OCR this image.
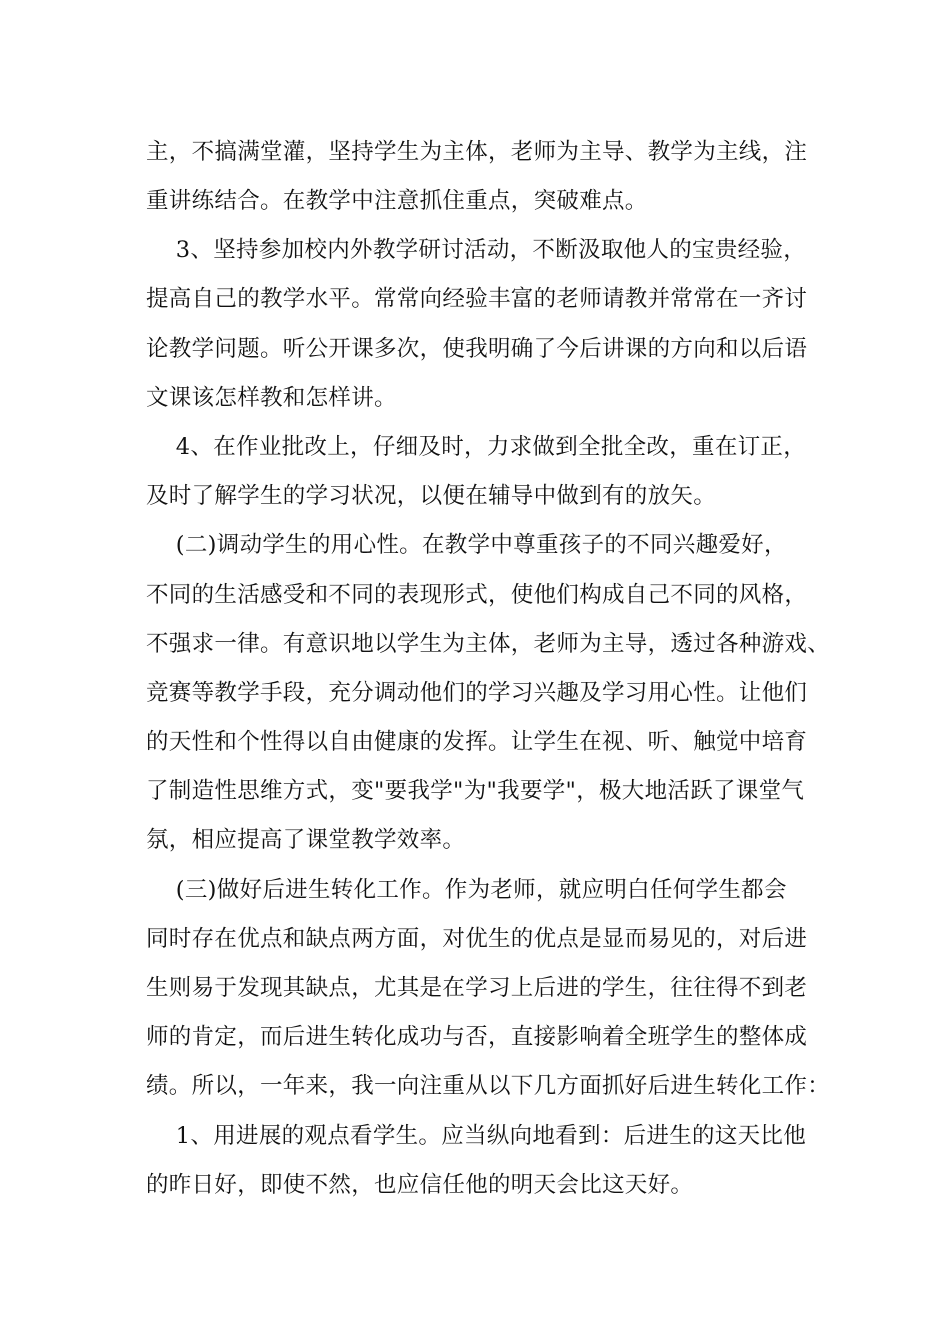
主，不搞满堂灌，坚持学生为主体，老师为主导、教学为主线，注
重讲练结合。在教学中注意抓住重点，突破难点。
3、坚持参加校内外教学研讨活动，不断汲取他人的宝贵经验，
提高自己的教学水平。常常向经验丰富的老师请教并常常在一齐讨
论教学问题。听公开课多次，使我明确了今后讲课的方向和以后语
文课该怎样教和怎样讲。
4、在作业批改上，仔细及时，力求做到全批全改，重在订正，
及时了解学生的学习状况，以便在辅导中做到有的放矢。
(二)调动学生的用心性。在教学中尊重孩子的不同兴趣爱好，
不同的生活感受和不同的表现形式，使他们构成自己不同的风格，
不强求一律。有意识地以学生为主体，老师为主导，透过各种游戏、
竞赛等教学手段，充分调动他们的学习兴趣及学习用心性。让他们
的天性和个性得以自由健康的发挥。让学生在视、听、触觉中培育
了制造性思维方式，变"要我学"为"我要学"，极大地活跃了课堂气
氛，相应提高了课堂教学效率。
(三)做好后进生转化工作。作为老师，就应明白任何学生都会
同时存在优点和缺点两方面，对优生的优点是显而易见的，对后进
生则易于发现其缺点，尤其是在学习上后进的学生，往往得不到老
师的肯定，而后进生转化成功与否，直接影响着全班学生的整体成
绩。所以，一年来，我一向注重从以下几方面抓好后进生转化工作：
1、用进展的观点看学生。应当纵向地看到：后进生的这天比他
的昨日好，即使不然，也应信任他的明天会比这天好。
